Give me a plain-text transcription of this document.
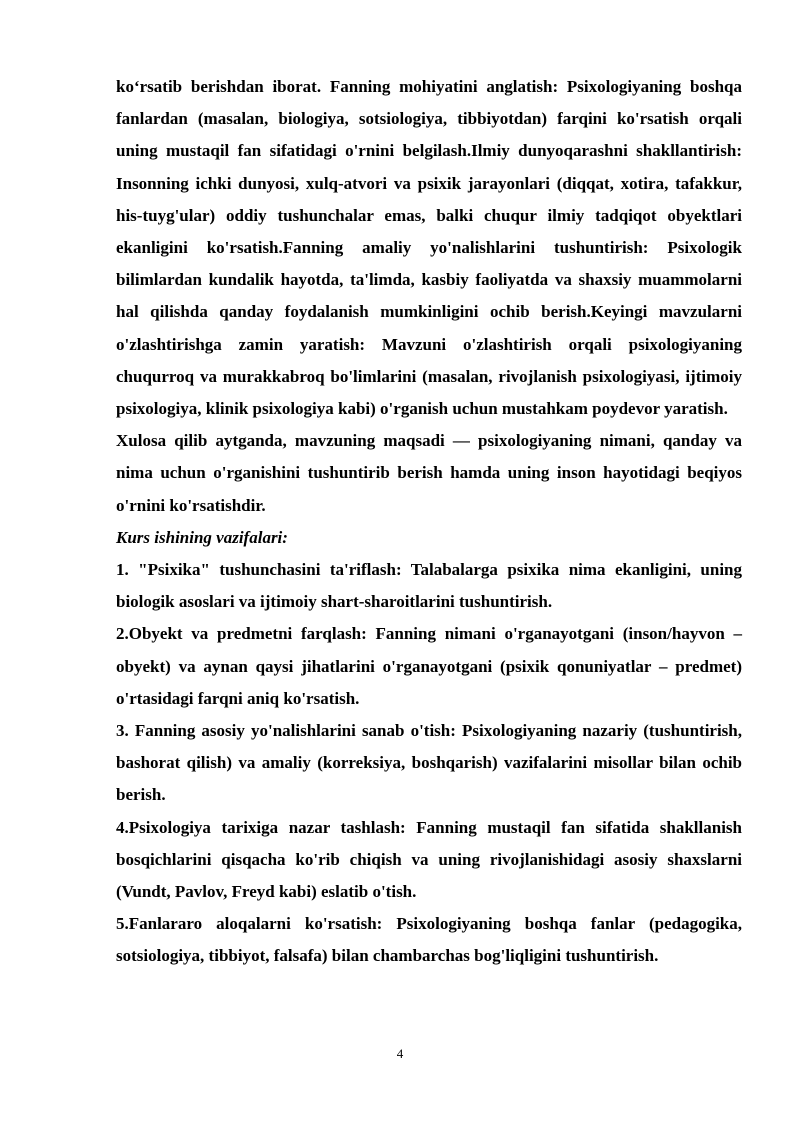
ko‘rsatib berishdan iborat. Fanning mohiyatini anglatish: Psixologiyaning boshqa fanlardan (masalan, biologiya, sotsiologiya, tibbiyotdan) farqini ko'rsatish orqali uning mustaqil fan sifatidagi o'rnini belgilash.Ilmiy dunyoqarashni shakllantirish: Insonning ichki dunyosi, xulq-atvori va psixik jarayonlari (diqqat, xotira, tafakkur, his-tuyg'ular) oddiy tushunchalar emas, balki chuqur ilmiy tadqiqot obyektlari ekanligini ko'rsatish.Fanning amaliy yo'nalishlarini tushuntirish: Psixologik bilimlardan kundalik hayotda, ta'limda, kasbiy faoliyatda va shaxsiy muammolarni hal qilishda qanday foydalanish mumkinligini ochib berish.Keyingi mavzularni o'zlashtirishga zamin yaratish: Mavzuni o'zlashtirish orqali psixologiyaning chuqurroq va murakkabroq bo'limlarini (masalan, rivojlanish psixologiyasi, ijtimoiy psixologiya, klinik psixologiya kabi) o'rganish uchun mustahkam poydevor yaratish.

Xulosa qilib aytganda, mavzuning maqsadi — psixologiyaning nimani, qanday va nima uchun o'rganishini tushuntirib berish hamda uning inson hayotidagi beqiyos o'rnini ko'rsatishdir.

Kurs ishining vazifalari:

1. "Psixika" tushunchasini ta'riflash: Talabalarga psixika nima ekanligini, uning biologik asoslari va ijtimoiy shart-sharoitlarini tushuntirish.

2.Obyekt va predmetni farqlash: Fanning nimani o'rganayotgani (inson/hayvon – obyekt) va aynan qaysi jihatlarini o'rganayotgani (psixik qonuniyatlar – predmet) o'rtasidagi farqni aniq ko'rsatish.

3. Fanning asosiy yo'nalishlarini sanab o'tish: Psixologiyaning nazariy (tushuntirish, bashorat qilish) va amaliy (korreksiya, boshqarish) vazifalarini misollar bilan ochib berish.

4.Psixologiya tarixiga nazar tashlash: Fanning mustaqil fan sifatida shakllanish bosqichlarini qisqacha ko'rib chiqish va uning rivojlanishidagi asosiy shaxslarni (Vundt, Pavlov, Freyd kabi) eslatib o'tish.

5.Fanlararo aloqalarni ko'rsatish: Psixologiyaning boshqa fanlar (pedagogika, sotsiologiya, tibbiyot, falsafa) bilan chambarchas bog'liqligini tushuntirish.

4
